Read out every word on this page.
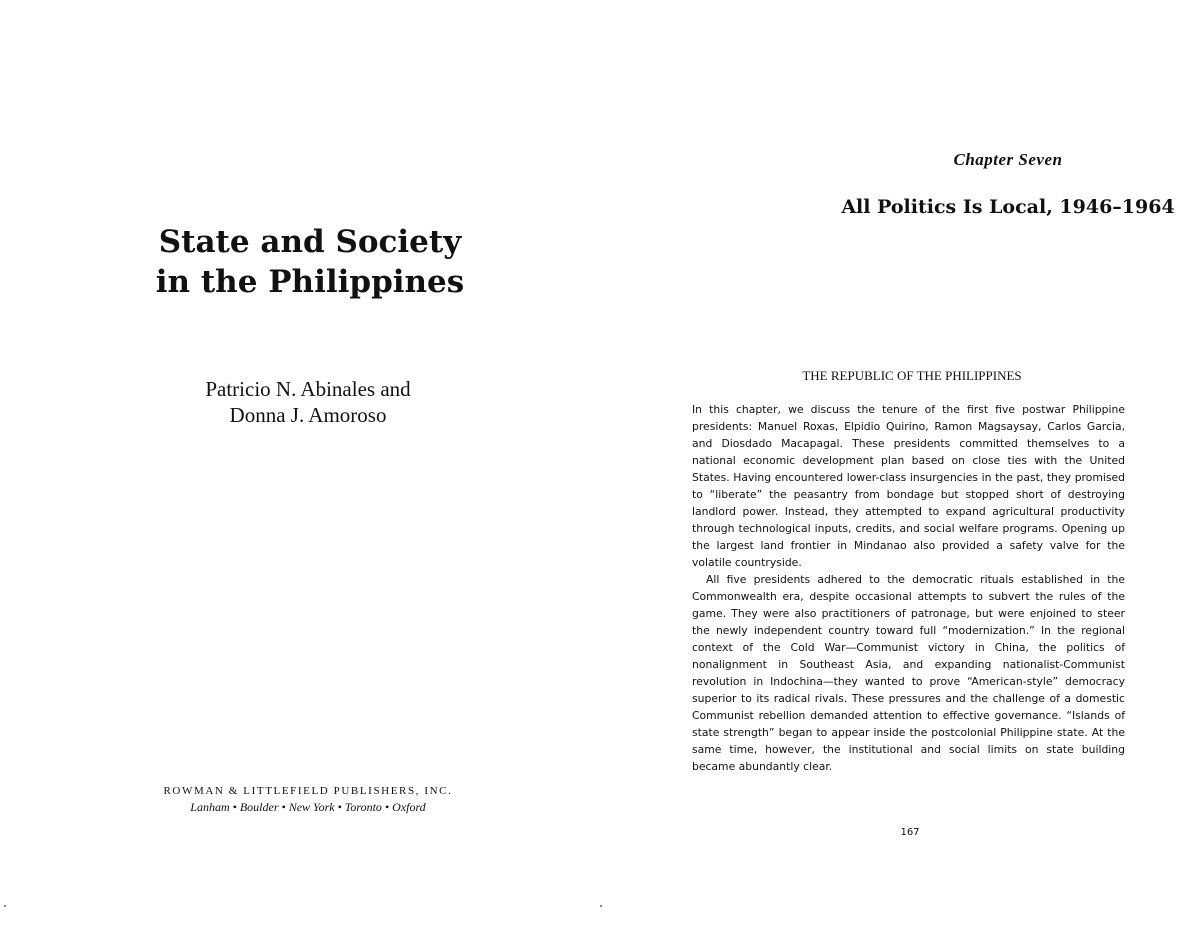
State and Society
in the Philippines
Patricio N. Abinales and
Donna J. Amoroso
ROWMAN & LITTLEFIELD PUBLISHERS, INC.
Lanham • Boulder • New York • Toronto • Oxford
Chapter Seven
All Politics Is Local, 1946–1964
THE REPUBLIC OF THE PHILIPPINES

In this chapter, we discuss the tenure of the first five postwar Philippine presidents: Manuel Roxas, Elpidio Quirino, Ramon Magsaysay, Carlos Garcia, and Diosdado Macapagal. These presidents committed themselves to a national economic development plan based on close ties with the United States. Having encountered lower-class insurgencies in the past, they promised to “liberate” the peasantry from bondage but stopped short of destroying landlord power. Instead, they attempted to expand agricultural productivity through technological inputs, credits, and social welfare programs. Opening up the largest land frontier in Mindanao also provided a safety valve for the volatile countryside.

All five presidents adhered to the democratic rituals established in the Commonwealth era, despite occasional attempts to subvert the rules of the game. They were also practitioners of patronage, but were enjoined to steer the newly independent country toward full “modernization.” In the regional context of the Cold War—Communist victory in China, the politics of nonalignment in Southeast Asia, and expanding nationalist-Communist revolution in Indochina—they wanted to prove “American-style” democracy superior to its radical rivals. These pressures and the challenge of a domestic Communist rebellion demanded attention to effective governance. “Islands of state strength” began to appear inside the postcolonial Philippine state. At the same time, however, the institutional and social limits on state building became abundantly clear.

167
